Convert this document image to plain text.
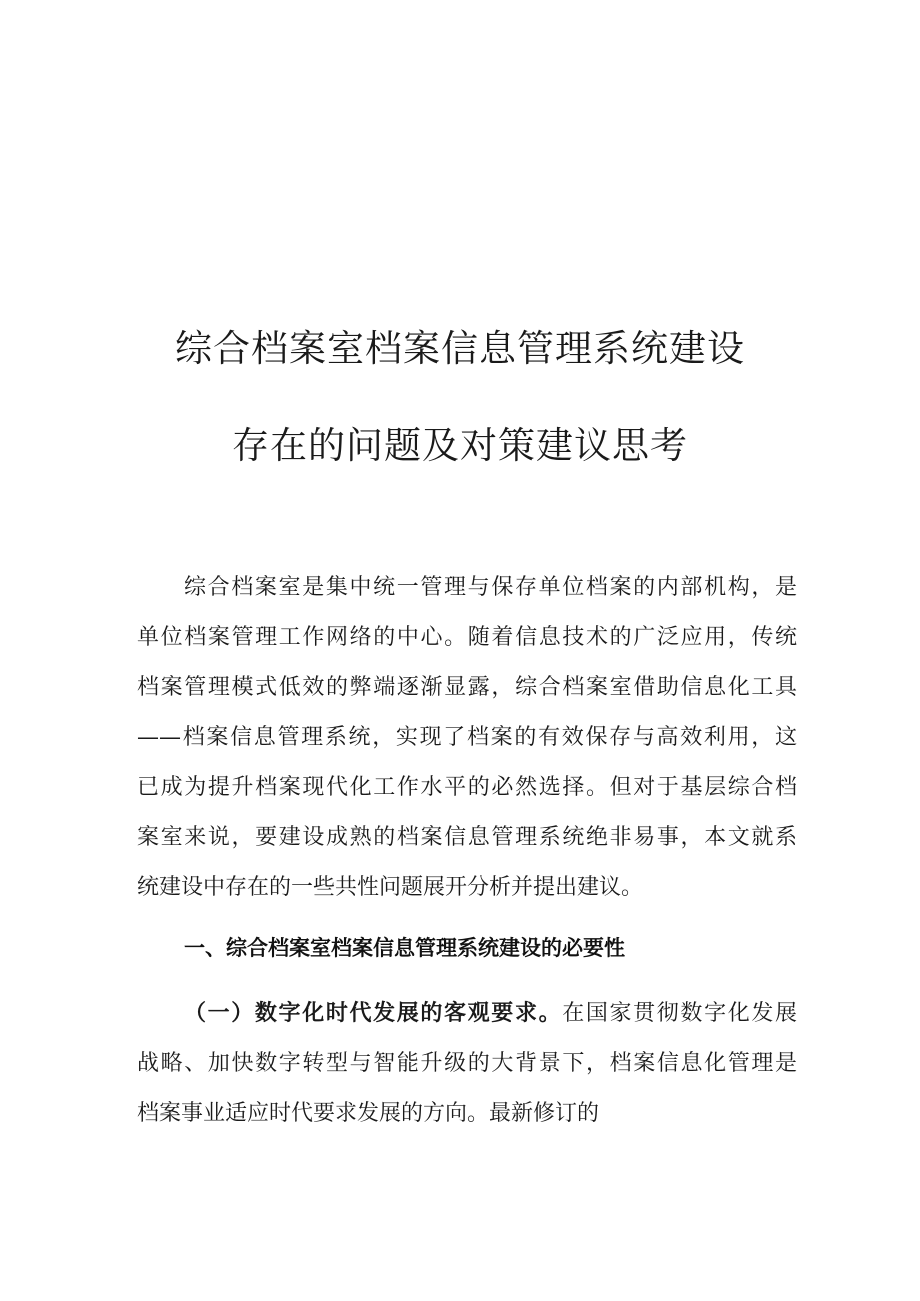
综合档案室档案信息管理系统建设
存在的问题及对策建议思考
综合档案室是集中统一管理与保存单位档案的内部机构，是
单位档案管理工作网络的中心。随着信息技术的广泛应用，传统
档案管理模式低效的弊端逐渐显露，综合档案室借助信息化工具
——档案信息管理系统，实现了档案的有效保存与高效利用，这
已成为提升档案现代化工作水平的必然选择。但对于基层综合档
案室来说，要建设成熟的档案信息管理系统绝非易事，本文就系
统建设中存在的一些共性问题展开分析并提出建议。
一、综合档案室档案信息管理系统建设的必要性
（一）数字化时代发展的客观要求。在国家贯彻数字化发展
战略、加快数字转型与智能升级的大背景下，档案信息化管理是
档案事业适应时代要求发展的方向。最新修订的
